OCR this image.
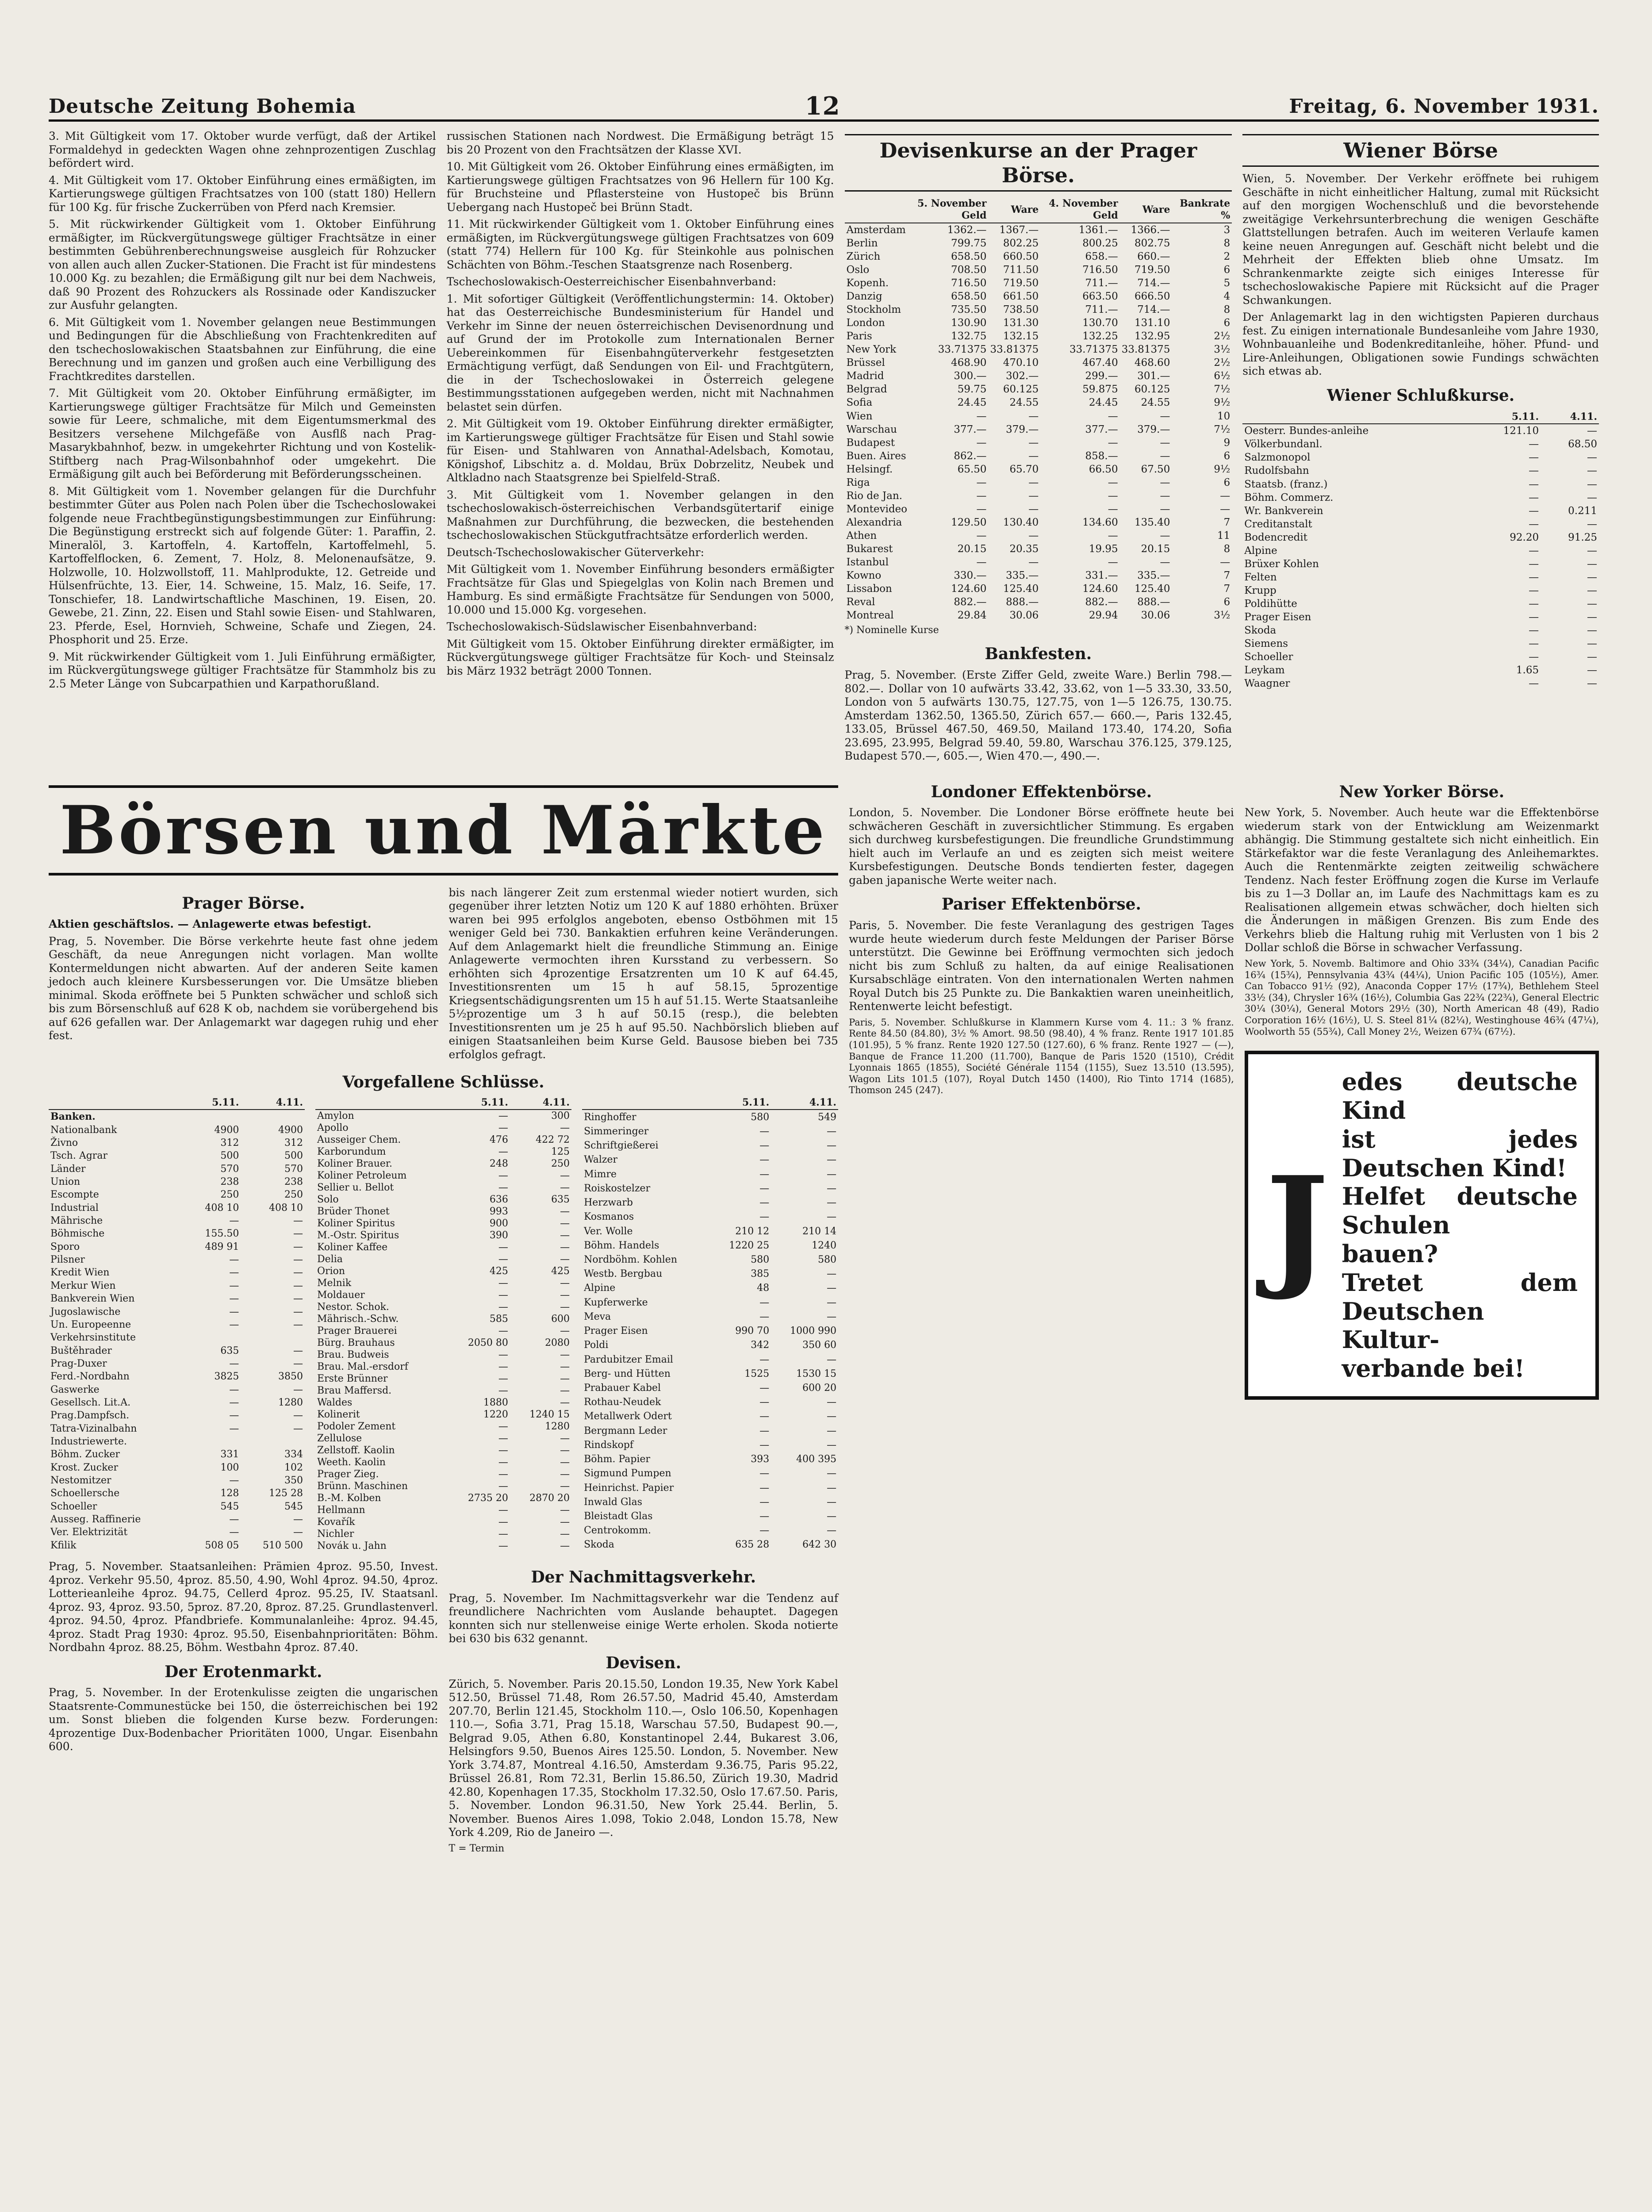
Deutsche Zeitung Bohemia	12	Freitag, 6. November 1931.

3. Mit Gültigkeit vom 17. Oktober wurde verfügt, daß der Artikel Formaldehyd in gedeckten Wagen ohne zehnprozentigen Zuschlag befördert wird.

4. Mit Gültigkeit vom 17. Oktober Einführung eines ermäßigten, im Kartierungswege gültigen Frachtsatzes von 100 (statt 180) Hellern für 100 Kg. für frische Zuckerrüben von Pferd nach Kremsier.

5. Mit rückwirkender Gültigkeit vom 1. Oktober Einführung ermäßigter, im Rückvergütungswege gültiger Frachtsätze in einer bestimmten Gebührenberechnungsweise ausgleich für Rohzucker von allen auch allen Zucker-Stationen. Die Fracht ist für mindestens 10.000 Kg. zu bezahlen; die Ermäßigung gilt nur bei dem Nachweis, daß 90 Prozent des Rohzuckers als Rossinade oder Kandiszucker zur Ausfuhr gelangten.

6. Mit Gültigkeit vom 1. November gelangen neue Bestimmungen und Bedingungen für die Abschließung von Frachtenkrediten auf den tschechoslowakischen Staatsbahnen zur Einführung, die eine Berechnung und im ganzen und großen auch eine Verbilligung des Frachtkredites darstellen.

7. Mit Gültigkeit vom 20. Oktober Einführung ermäßigter, im Kartierungswege gültiger Frachtsätze für Milch und Gemeinsten sowie für Leere, schmaliche, mit dem Eigentumsmerkmal des Besitzers versehene Milchgefäße von Ausflß nach Prag-Masarykbahnhof, bezw. in umgekehrter Richtung und von Kostelik-Stiftberg nach Prag-Wilsonbahnhof oder umgekehrt. Die Ermäßigung gilt auch bei Beförderung mit Beförderungsscheinen.

8. Mit Gültigkeit vom 1. November gelangen für die Durchfuhr bestimmter Güter aus Polen nach Polen über die Tschechoslowakei folgende neue Frachtbegünstigungsbestimmungen zur Einführung: Die Begünstigung erstreckt sich auf folgende Güter: 1. Paraffin, 2. Mineralöl, 3. Kartoffeln, 4. Kartoffeln, Kartoffelmehl, 5. Kartoffelflocken, 6. Zement, 7. Holz, 8. Melonenaufsätze, 9. Holzwolle, 10. Holzwollstoff, 11. Mahlprodukte, 12. Getreide und Hülsenfrüchte, 13. Eier, 14. Schweine, 15. Malz, 16. Seife, 17. Tonschiefer, 18. Landwirtschaftliche Maschinen, 19. Eisen, 20. Gewebe, 21. Zinn, 22. Eisen und Stahl sowie Eisen- und Stahlwaren, 23. Pferde, Esel, Hornvieh, Schweine, Schafe und Ziegen, 24. Phosphorit und 25. Erze.

9. Mit rückwirkender Gültigkeit vom 1. Juli Einführung ermäßigter, im Rückvergütungswege gültiger Frachtsätze für Stammholz bis zu 2.5 Meter Länge von Subcarpathien und Karpathorußland.

russischen Stationen nach Nordwest. Die Ermäßigung beträgt 15 bis 20 Prozent von den Frachtsätzen der Klasse XVI.

10. Mit Gültigkeit vom 26. Oktober Einführung eines ermäßigten, im Kartierungswege gültigen Frachtsatzes von 96 Hellern für 100 Kg. für Bruchsteine und Pflastersteine von Hustopeč bis Brünn Uebergang nach Hustopeč bei Brünn Stadt.

11. Mit rückwirkender Gültigkeit vom 1. Oktober Einführung eines ermäßigten, im Rückvergütungswege gültigen Frachtsatzes von 609 (statt 774) Hellern für 100 Kg. für Steinkohle aus polnischen Schächten von Böhm.-Teschen Staatsgrenze nach Rosenberg.

Tschechoslowakisch-Oesterreichischer Eisenbahnverband:

1. Mit sofortiger Gültigkeit (Veröffentlichungstermin: 14. Oktober) hat das Oesterreichische Bundesministerium für Handel und Verkehr im Sinne der neuen österreichischen Devisenordnung und auf Grund der im Protokolle zum Internationalen Berner Uebereinkommen für Eisenbahngüterverkehr festgesetzten Ermächtigung verfügt, daß Sendungen von Eil- und Frachtgütern, die in der Tschechoslowakei in Österreich gelegene Bestimmungsstationen aufgegeben werden, nicht mit Nachnahmen belastet sein dürfen.

2. Mit Gültigkeit vom 19. Oktober Einführung direkter ermäßigter, im Kartierungswege gültiger Frachtsätze für Eisen und Stahl sowie für Eisen- und Stahlwaren von Annathal-Adelsbach, Komotau, Königshof, Libschitz a. d. Moldau, Brüx Dobrzelitz, Neubek und Altkladno nach Staatsgrenze bei Spielfeld-Straß.

3. Mit Gültigkeit vom 1. November gelangen in den tschechoslowakisch-österreichischen Verbandsgütertarif einige Maßnahmen zur Durchführung, die bezwecken, die bestehenden tschechoslowakischen Stückgutfrachtsätze erforderlich werden.

Deutsch-Tschechoslowakischer Güterverkehr:

Mit Gültigkeit vom 1. November Einführung besonders ermäßigter Frachtsätze für Glas und Spiegelglas von Kolin nach Bremen und Hamburg. Es sind ermäßigte Frachtsätze für Sendungen von 5000, 10.000 und 15.000 Kg. vorgesehen.

Tschechoslowakisch-Südslawischer Eisenbahnverband:

Mit Gültigkeit vom 15. Oktober Einführung direkter ermäßigter, im Rückvergütungswege gültiger Frachtsätze für Koch- und Steinsalz bis März 1932 beträgt 2000 Tonnen.

Devisenkurse an der Prager Börse.
	5. November Geld	Ware	4. November Geld	Ware	Bankrate %
Amsterdam	1362.—	1367.—	1361.—	1366.—	3
Berlin	799.75	802.25	800.25	802.75	8
Zürich	658.50	660.50	658.—	660.—	2
Oslo	708.50	711.50	716.50	719.50	6
Kopenh.	716.50	719.50	711.—	714.—	5
Danzig	658.50	661.50	663.50	666.50	4
Stockholm	735.50	738.50	711.—	714.—	8
London	130.90	131.30	130.70	131.10	6
Paris	132.75	132.15	132.25	132.95	2½
New York	33.71375	33.81375	33.71375	33.81375	3½
Brüssel	468.90	470.10	467.40	468.60	2½
Madrid	300.—	302.—	299.—	301.—	6½
Belgrad	59.75	60.125	59.875	60.125	7½
Sofia	24.45	24.55	24.45	24.55	9½
Wien	—	—	—	—	10
Warschau	377.—	379.—	377.—	379.—	7½
Budapest	—	—	—	—	9
Buen. Aires	862.—	—	858.—	—	6
Helsingf.	65.50	65.70	66.50	67.50	9½
Riga	—	—	—	—	6
Rio de Jan.	—	—	—	—	—
Montevideo	—	—	—	—	—
Alexandria	129.50	130.40	134.60	135.40	7
Athen	—	—	—	—	11
Bukarest	20.15	20.35	19.95	20.15	8
Istanbul	—	—	—	—	—
Kowno	330.—	335.—	331.—	335.—	7
Lissabon	124.60	125.40	124.60	125.40	7
Reval	882.—	888.—	882.—	888.—	6
Montreal	29.84	30.06	29.94	30.06	3½
*) Nominelle Kurse
Bankfesten.

Prag, 5. November. (Erste Ziffer Geld, zweite Ware.) Berlin 798.— 802.—. Dollar von 10 aufwärts 33.42, 33.62, von 1—5 33.30, 33.50, London von 5 aufwärts 130.75, 127.75, von 1—5 126.75, 130.75. Amsterdam 1362.50, 1365.50, Zürich 657.— 660.—, Paris 132.45, 133.05, Brüssel 467.50, 469.50, Mailand 173.40, 174.20, Sofia 23.695, 23.995, Belgrad 59.40, 59.80, Warschau 376.125, 379.125, Budapest 570.—, 605.—, Wien 470.—, 490.—.

Wiener Börse

Wien, 5. November. Der Verkehr eröffnete bei ruhigem Geschäfte in nicht einheitlicher Haltung, zumal mit Rücksicht auf den morgigen Wochenschluß und die bevorstehende zweitägige Verkehrsunterbrechung die wenigen Geschäfte Glattstellungen betrafen. Auch im weiteren Verlaufe kamen keine neuen Anregungen auf. Geschäft nicht belebt und die Mehrheit der Effekten blieb ohne Umsatz. Im Schrankenmarkte zeigte sich einiges Interesse für tschechoslowakische Papiere mit Rücksicht auf die Prager Schwankungen.

Der Anlagemarkt lag in den wichtigsten Papieren durchaus fest. Zu einigen internationale Bundesanleihe vom Jahre 1930, Wohnbauanleihe und Bodenkreditanleihe, höher. Pfund- und Lire-Anleihungen, Obligationen sowie Fundings schwächten sich etwas ab.

Wiener Schlußkurse.
	5.11.	4.11.
Oesterr. Bundes-anleihe	121.10	—
Völkerbundanl.	—	68.50
Salzmonopol	—	—
Rudolfsbahn	—	—
Staatsb. (franz.)	—	—
Böhm. Commerz.	—	—
Wr. Bankverein	—	0.211
Creditanstalt	—	—
Bodencredit	92.20	91.25
Alpine	—	—
Brüxer Kohlen	—	—
Felten	—	—
Krupp	—	—
Poldihütte	—	—
Prager Eisen	—	—
Skoda	—	—
Siemens	—	—
Schoeller	—	—
Leykam	1.65	—
Waagner	—	—
Börsen und Märkte
Prager Börse.

Aktien geschäftslos. — Anlagewerte etwas befestigt.

Prag, 5. November. Die Börse verkehrte heute fast ohne jedem Geschäft, da neue Anregungen nicht vorlagen. Man wollte Kontermeldungen nicht abwarten. Auf der anderen Seite kamen jedoch auch kleinere Kursbesserungen vor. Die Umsätze blieben minimal. Skoda eröffnete bei 5 Punkten schwächer und schloß sich bis zum Börsenschluß auf 628 K ob, nachdem sie vorübergehend bis auf 626 gefallen war. Der Anlagemarkt war dagegen ruhig und eher fest.

bis nach längerer Zeit zum erstenmal wieder notiert wurden, sich gegenüber ihrer letzten Notiz um 120 K auf 1880 erhöhten. Brüxer waren bei 995 erfolglos angeboten, ebenso Ostböhmen mit 15 weniger Geld bei 730. Bankaktien erfuhren keine Veränderungen. Auf dem Anlagemarkt hielt die freundliche Stimmung an. Einige Anlagewerte vermochten ihren Kursstand zu verbessern. So erhöhten sich 4prozentige Ersatzrenten um 10 K auf 64.45, Investitionsrenten um 15 h auf 58.15, 5prozentige Kriegsentschädigungsrenten um 15 h auf 51.15. Werte Staatsanleihe 5½prozentige um 3 h auf 50.15 (resp.), die belebten Investitionsrenten um je 25 h auf 95.50. Nachbörslich blieben auf einigen Staatsanleihen beim Kurse Geld. Bausose bieben bei 735 erfolglos gefragt.

Vorgefallene Schlüsse.
	5.11.	4.11.
Banken.		
Nationalbank	4900	4900
Živno	312	312
Tsch. Agrar	500	500
Länder	570	570
Union	238	238
Escompte	250	250
Industrial	408 10	408 10
Mährische	—	—
Böhmische	155.50	—
Sporo	489 91	—
Pilsner	—	—
Kredit Wien	—	—
Merkur Wien	—	—
Bankverein Wien	—	—
Jugoslawische	—	—
Un. Europeenne	—	—
Verkehrsinstitute		
Buštěhrader	635	—
Prag-Duxer	—	—
Ferd.-Nordbahn	3825	3850
Gaswerke	—	—
Gesellsch. Lit.A.	—	1280
Prag.Dampfsch.	—	—
Tatra-Vizinalbahn	—	—
Industriewerte.		
Böhm. Zucker	331	334
Krost. Zucker	100	102
Nestomitzer	—	350
Schoellersche	128	125 28
Schoeller	545	545
Ausseg. Raffinerie	—	—
Ver. Elektrizität	—	—
Kfilik	508 05	510 500
	5.11.	4.11.
Amylon	—	300
Apollo	—	—
Ausseiger Chem.	476	422 72
Karborundum	—	125
Koliner Brauer.	248	250
Koliner Petroleum	—	—
Sellier u. Bellot	—	—
Solo	636	635
Brüder Thonet	993	—
Koliner Spiritus	900	—
M.-Ostr. Spiritus	390	—
Koliner Kaffee	—	—
Delia	—	—
Orion	425	425
Melnik	—	—
Moldauer	—	—
Nestor. Schok.	—	—
Mährisch.-Schw.	585	600
Prager Brauerei	—	—
Bürg. Brauhaus	2050 80	2080
Brau. Budweis	—	—
Brau. Mal.-ersdorf	—	—
Erste Brünner	—	—
Brau Maffersd.	—	—
Waldes	1880	—
Kolinerit	1220	1240 15
Podoler Zement	—	1280
Zellulose	—	—
Zellstoff. Kaolin	—	—
Weeth. Kaolin	—	—
Prager Zieg.	—	—
Brünn. Maschinen	—	—
B.-M. Kolben	2735 20	2870 20
Hellmann	—	—
Kovařík	—	—
Nichler	—	—
Novák u. Jahn	—	—
	5.11.	4.11.
Ringhoffer	580	549
Simmeringer	—	—
Schriftgießerei	—	—
Walzer	—	—
Mimre	—	—
Roiskostelzer	—	—
Herzwarb	—	—
Kosmanos	—	—
Ver. Wolle	210 12	210 14
Böhm. Handels	1220 25	1240
Nordböhm. Kohlen	580	580
Westb. Bergbau	385	—
Alpine	48	—
Kupferwerke	—	—
Meva	—	—
Prager Eisen	990 70	1000 990
Poldi	342	350 60
Pardubitzer Email	—	—
Berg- und Hütten	1525	1530 15
Prabauer Kabel	—	600 20
Rothau-Neudek	—	—
Metallwerk Odert	—	—
Bergmann Leder	—	—
Rindskopf	—	—
Böhm. Papier	393	400 395
Sigmund Pumpen	—	—
Heinrichst. Papier	—	—
Inwald Glas	—	—
Bleistadt Glas	—	—
Centrokomm.	—	—
Skoda	635 28	642 30

Prag, 5. November. Staatsanleihen: Prämien 4proz. 95.50, Invest. 4proz. Verkehr 95.50, 4proz. 85.50, 4.90, Wohl 4proz. 94.50, 4proz. Lotterieanleihe 4proz. 94.75, Cellerd 4proz. 95.25, IV. Staatsanl. 4proz. 93, 4proz. 93.50, 5proz. 87.20, 8proz. 87.25. Grundlastenverl. 4proz. 94.50, 4proz. Pfandbriefe. Kommunalanleihe: 4proz. 94.45, 4proz. Stadt Prag 1930: 4proz. 95.50, Eisenbahnprioritäten: Böhm. Nordbahn 4proz. 88.25, Böhm. Westbahn 4proz. 87.40.

Der Erotenmarkt.

Prag, 5. November. In der Erotenkulisse zeigten die ungarischen Staatsrente-Communestücke bei 150, die österreichischen bei 192 um. Sonst blieben die folgenden Kurse bezw. Forderungen: 4prozentige Dux-Bodenbacher Prioritäten 1000, Ungar. Eisenbahn 600.

Der Nachmittagsverkehr.

Prag, 5. November. Im Nachmittagsverkehr war die Tendenz auf freundlichere Nachrichten vom Auslande behauptet. Dagegen konnten sich nur stellenweise einige Werte erholen. Skoda notierte bei 630 bis 632 genannt.

Devisen.

Zürich, 5. November. Paris 20.15.50, London 19.35, New York Kabel 512.50, Brüssel 71.48, Rom 26.57.50, Madrid 45.40, Amsterdam 207.70, Berlin 121.45, Stockholm 110.—, Oslo 106.50, Kopenhagen 110.—, Sofia 3.71, Prag 15.18, Warschau 57.50, Budapest 90.—, Belgrad 9.05, Athen 6.80, Konstantinopel 2.44, Bukarest 3.06, Helsingfors 9.50, Buenos Aires 125.50. London, 5. November. New York 3.74.87, Montreal 4.16.50, Amsterdam 9.36.75, Paris 95.22, Brüssel 26.81, Rom 72.31, Berlin 15.86.50, Zürich 19.30, Madrid 42.80, Kopenhagen 17.35, Stockholm 17.32.50, Oslo 17.67.50. Paris, 5. November. London 96.31.50, New York 25.44. Berlin, 5. November. Buenos Aires 1.098, Tokio 2.048, London 15.78, New York 4.209, Rio de Janeiro —.

T = Termin
Londoner Effektenbörse.

London, 5. November. Die Londoner Börse eröffnete heute bei schwächeren Geschäft in zuversichtlicher Stimmung. Es ergaben sich durchweg kursbefestigungen. Die freundliche Grundstimmung hielt auch im Verlaufe an und es zeigten sich meist weitere Kursbefestigungen. Deutsche Bonds tendierten fester, dagegen gaben japanische Werte weiter nach.

Pariser Effektenbörse.

Paris, 5. November. Die feste Veranlagung des gestrigen Tages wurde heute wiederum durch feste Meldungen der Pariser Börse unterstützt. Die Gewinne bei Eröffnung vermochten sich jedoch nicht bis zum Schluß zu halten, da auf einige Realisationen Kursabschläge eintraten. Von den internationalen Werten nahmen Royal Dutch bis 25 Punkte zu. Die Bankaktien waren uneinheitlich, Rentenwerte leicht befestigt.

Paris, 5. November. Schlußkurse in Klammern Kurse vom 4. 11.: 3 % franz. Rente 84.50 (84.80), 3½ % Amort. 98.50 (98.40), 4 % franz. Rente 1917 101.85 (101.95), 5 % franz. Rente 1920 127.50 (127.60), 6 % franz. Rente 1927 — (—), Banque de France 11.200 (11.700), Banque de Paris 1520 (1510), Crédit Lyonnais 1865 (1855), Société Générale 1154 (1155), Suez 13.510 (13.595), Wagon Lits 101.5 (107), Royal Dutch 1450 (1400), Rio Tinto 1714 (1685), Thomson 245 (247).

New Yorker Börse.

New York, 5. November. Auch heute war die Effektenbörse wiederum stark von der Entwicklung am Weizenmarkt abhängig. Die Stimmung gestaltete sich nicht einheitlich. Ein Stärkefaktor war die feste Veranlagung des Anleihemarktes. Auch die Rentenmärkte zeigten zeitweilig schwächere Tendenz. Nach fester Eröffnung zogen die Kurse im Verlaufe bis zu 1—3 Dollar an, im Laufe des Nachmittags kam es zu Realisationen allgemein etwas schwächer, doch hielten sich die Änderungen in mäßigen Grenzen. Bis zum Ende des Verkehrs blieb die Haltung ruhig mit Verlusten von 1 bis 2 Dollar schloß die Börse in schwacher Verfassung.

New York, 5. Novemb. Baltimore and Ohio 33¾ (34¼), Canadian Pacific 16¾ (15¾), Pennsylvania 43¾ (44¼), Union Pacific 105 (105½), Amer. Can Tobacco 91½ (92), Anaconda Copper 17½ (17¾), Bethlehem Steel 33½ (34), Chrysler 16¾ (16½), Columbia Gas 22¾ (22¾), General Electric 30¼ (30¼), General Motors 29½ (30), North American 48 (49), Radio Corporation 16½ (16½), U. S. Steel 81¼ (82¼), Westinghouse 46¾ (47¼), Woolworth 55 (55¾), Call Money 2½, Weizen 67¾ (67½).

J
edes deutsche Kind
ist jedes Deutschen Kind!
Helfet deutsche Schulen
bauen?
Tretet dem Deutschen Kultur-
verbande bei!
